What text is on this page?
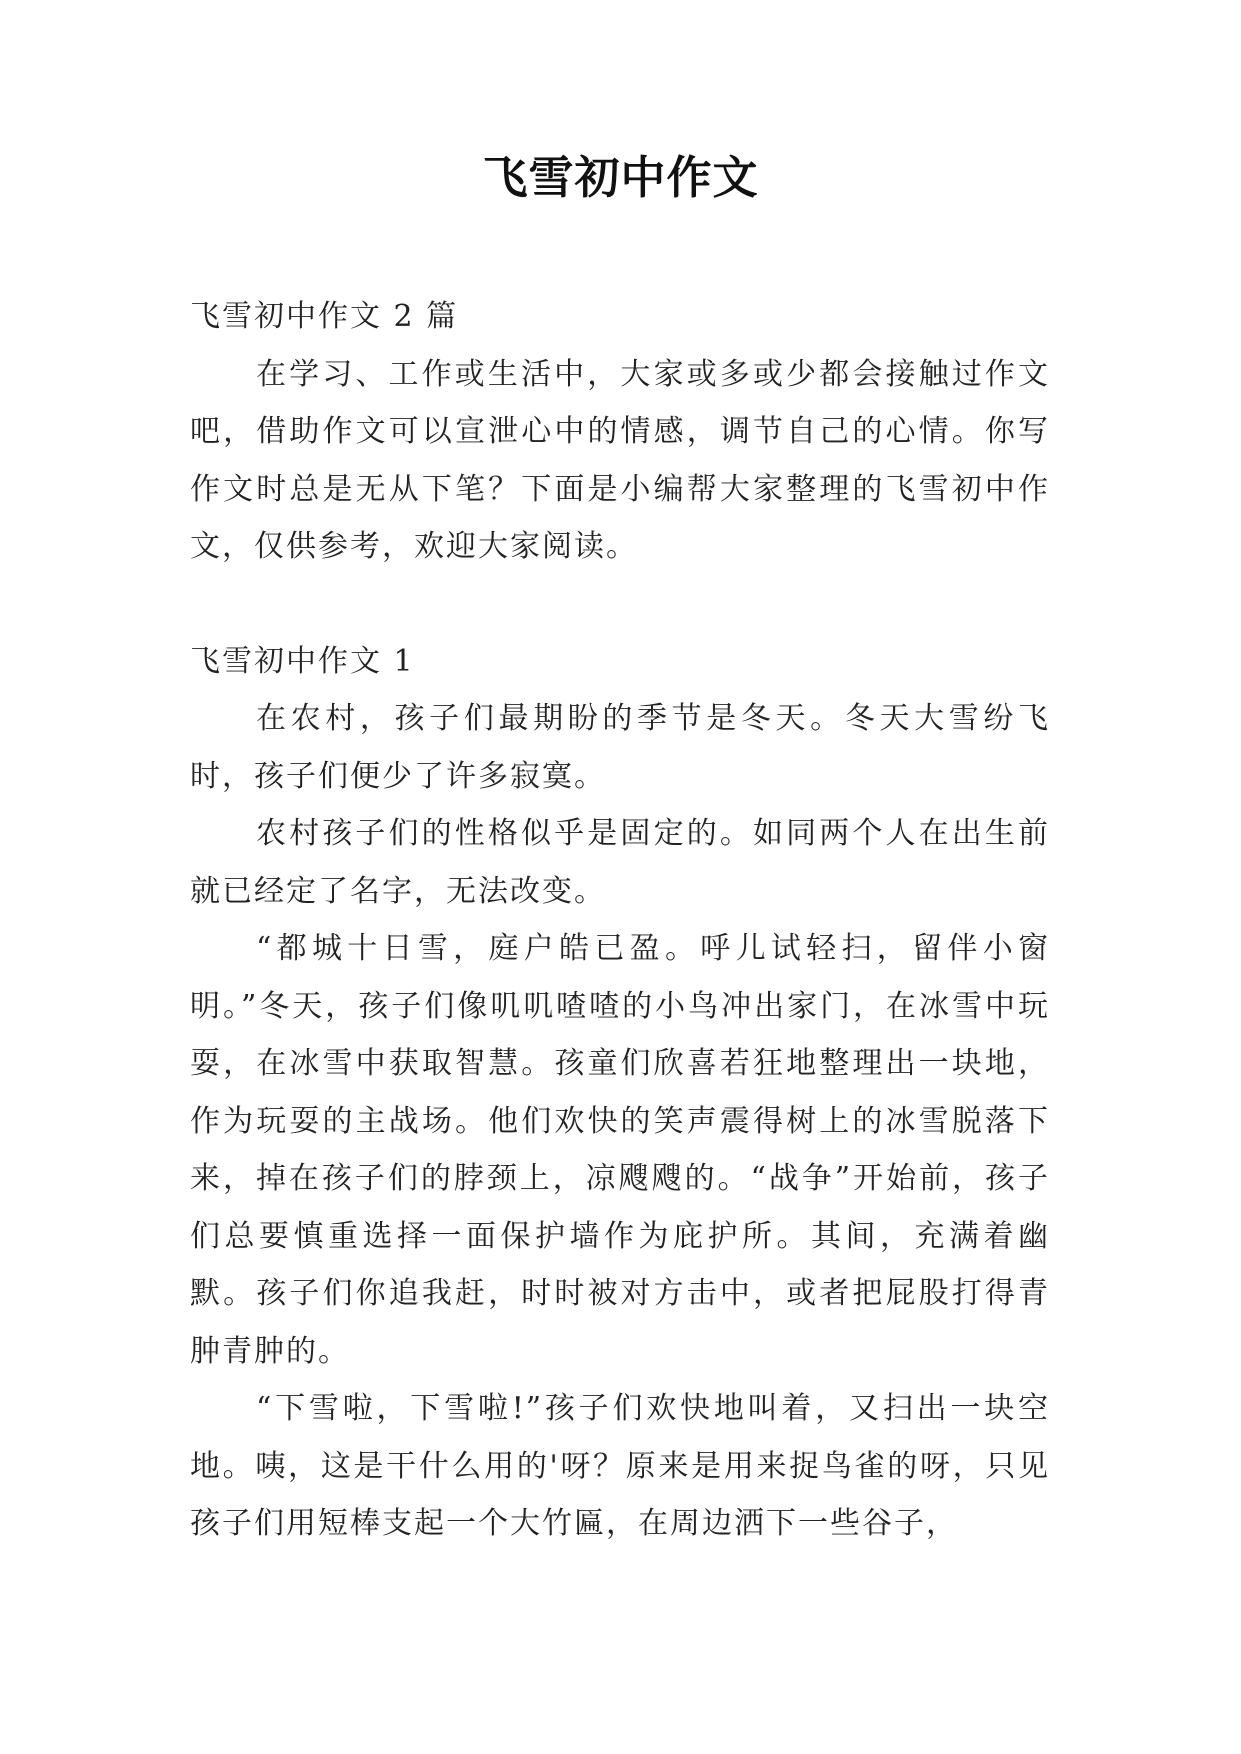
飞雪初中作文

飞雪初中作文 2 篇

在学习、工作或生活中，大家或多或少都会接触过作文吧，借助作文可以宣泄心中的情感，调节自己的心情。你写作文时总是无从下笔？下面是小编帮大家整理的飞雪初中作文，仅供参考，欢迎大家阅读。

飞雪初中作文 1

在农村，孩子们最期盼的季节是冬天。冬天大雪纷飞时，孩子们便少了许多寂寞。

农村孩子们的性格似乎是固定的。如同两个人在出生前就已经定了名字，无法改变。

“都城十日雪，庭户皓已盈。呼儿试轻扫，留伴小窗明。”冬天，孩子们像叽叽喳喳的小鸟冲出家门，在冰雪中玩耍，在冰雪中获取智慧。孩童们欣喜若狂地整理出一块地，作为玩耍的主战场。他们欢快的笑声震得树上的冰雪脱落下来，掉在孩子们的脖颈上，凉飕飕的。“战争”开始前，孩子们总要慎重选择一面保护墙作为庇护所。其间，充满着幽默。孩子们你追我赶，时时被对方击中，或者把屁股打得青肿青肿的。

“下雪啦，下雪啦!”孩子们欢快地叫着，又扫出一块空地。咦，这是干什么用的'呀？原来是用来捉鸟雀的呀，只见孩子们用短棒支起一个大竹匾，在周边洒下一些谷子，
